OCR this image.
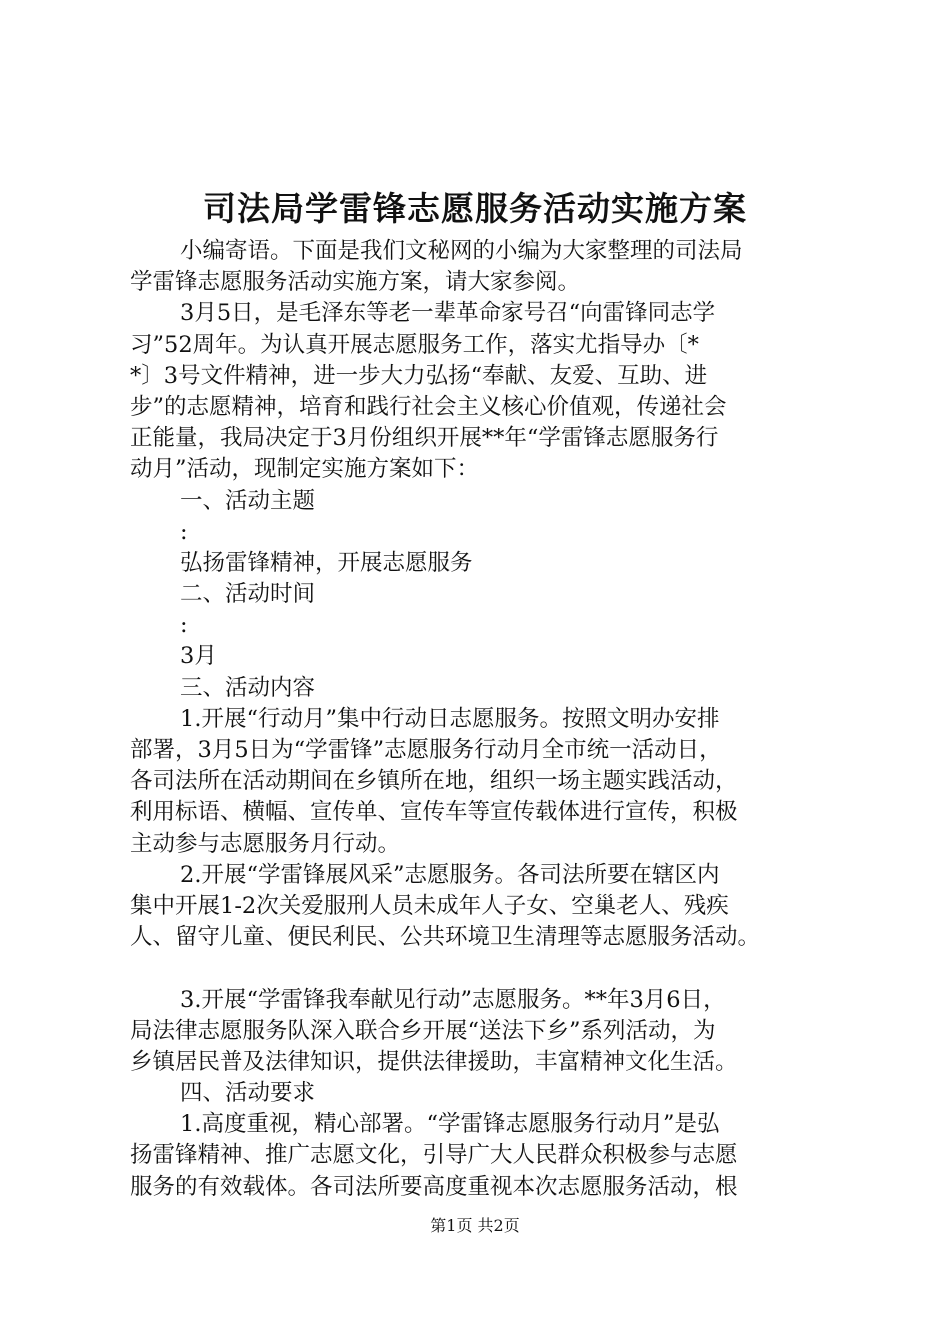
司法局学雷锋志愿服务活动实施方案
小编寄语。下面是我们文秘网的小编为大家整理的司法局
学雷锋志愿服务活动实施方案，请大家参阅。
3月5日，是毛泽东等老一辈革命家号召“向雷锋同志学
习”52周年。为认真开展志愿服务工作，落实尤指导办〔*
*〕3号文件精神，进一步大力弘扬“奉献、友爱、互助、进
步”的志愿精神，培育和践行社会主义核心价值观，传递社会
正能量，我局决定于3月份组织开展**年“学雷锋志愿服务行
动月”活动，现制定实施方案如下：
一、活动主题
:
弘扬雷锋精神，开展志愿服务
二、活动时间
:
3月
三、活动内容
1.开展“行动月”集中行动日志愿服务。按照文明办安排
部署，3月5日为“学雷锋”志愿服务行动月全市统一活动日，
各司法所在活动期间在乡镇所在地，组织一场主题实践活动，
利用标语、横幅、宣传单、宣传车等宣传载体进行宣传，积极
主动参与志愿服务月行动。
2.开展“学雷锋展风采”志愿服务。各司法所要在辖区内
集中开展1-2次关爱服刑人员未成年人子女、空巢老人、残疾
人、留守儿童、便民利民、公共环境卫生清理等志愿服务活动。
3.开展“学雷锋我奉献见行动”志愿服务。**年3月6日，
局法律志愿服务队深入联合乡开展“送法下乡”系列活动，为
乡镇居民普及法律知识，提供法律援助，丰富精神文化生活。
四、活动要求
1.高度重视，精心部署。“学雷锋志愿服务行动月”是弘
扬雷锋精神、推广志愿文化，引导广大人民群众积极参与志愿
服务的有效载体。各司法所要高度重视本次志愿服务活动，根
第1页 共2页
